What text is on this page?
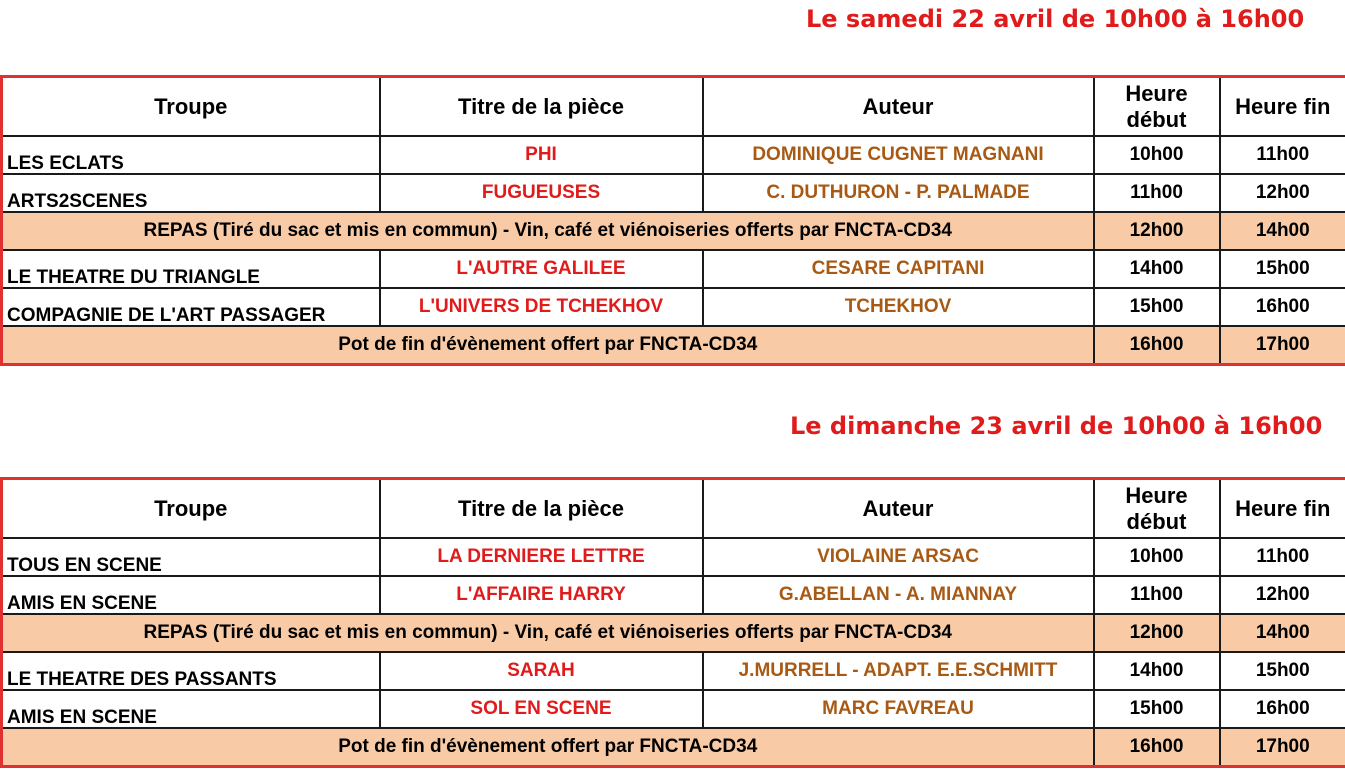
Le samedi 22 avril de 10h00 à 16h00
Troupe	Titre de la pièce	Auteur	Heure début	Heure fin
LES ECLATS	PHI	DOMINIQUE CUGNET MAGNANI	10h00	11h00
ARTS2SCENES	FUGUEUSES	C. DUTHURON - P. PALMADE	11h00	12h00
REPAS (Tiré du sac et mis en commun) - Vin, café et viénoiseries offerts par FNCTA-CD34			12h00	14h00
LE THEATRE DU TRIANGLE	L'AUTRE GALILEE	CESARE CAPITANI	14h00	15h00
COMPAGNIE DE L'ART PASSAGER	L'UNIVERS DE TCHEKHOV	TCHEKHOV	15h00	16h00
Pot de fin d'évènement offert par FNCTA-CD34			16h00	17h00
Le dimanche 23 avril de 10h00 à 16h00
Troupe	Titre de la pièce	Auteur	Heure début	Heure fin
TOUS EN SCENE	LA DERNIERE LETTRE	VIOLAINE ARSAC	10h00	11h00
AMIS EN SCENE	L'AFFAIRE HARRY	G.ABELLAN - A. MIANNAY	11h00	12h00
REPAS (Tiré du sac et mis en commun) - Vin, café et viénoiseries offerts par FNCTA-CD34			12h00	14h00
LE THEATRE DES PASSANTS	SARAH	J.MURRELL - ADAPT. E.E.SCHMITT	14h00	15h00
AMIS EN SCENE	SOL EN SCENE	MARC FAVREAU	15h00	16h00
Pot de fin d'évènement offert par FNCTA-CD34			16h00	17h00
